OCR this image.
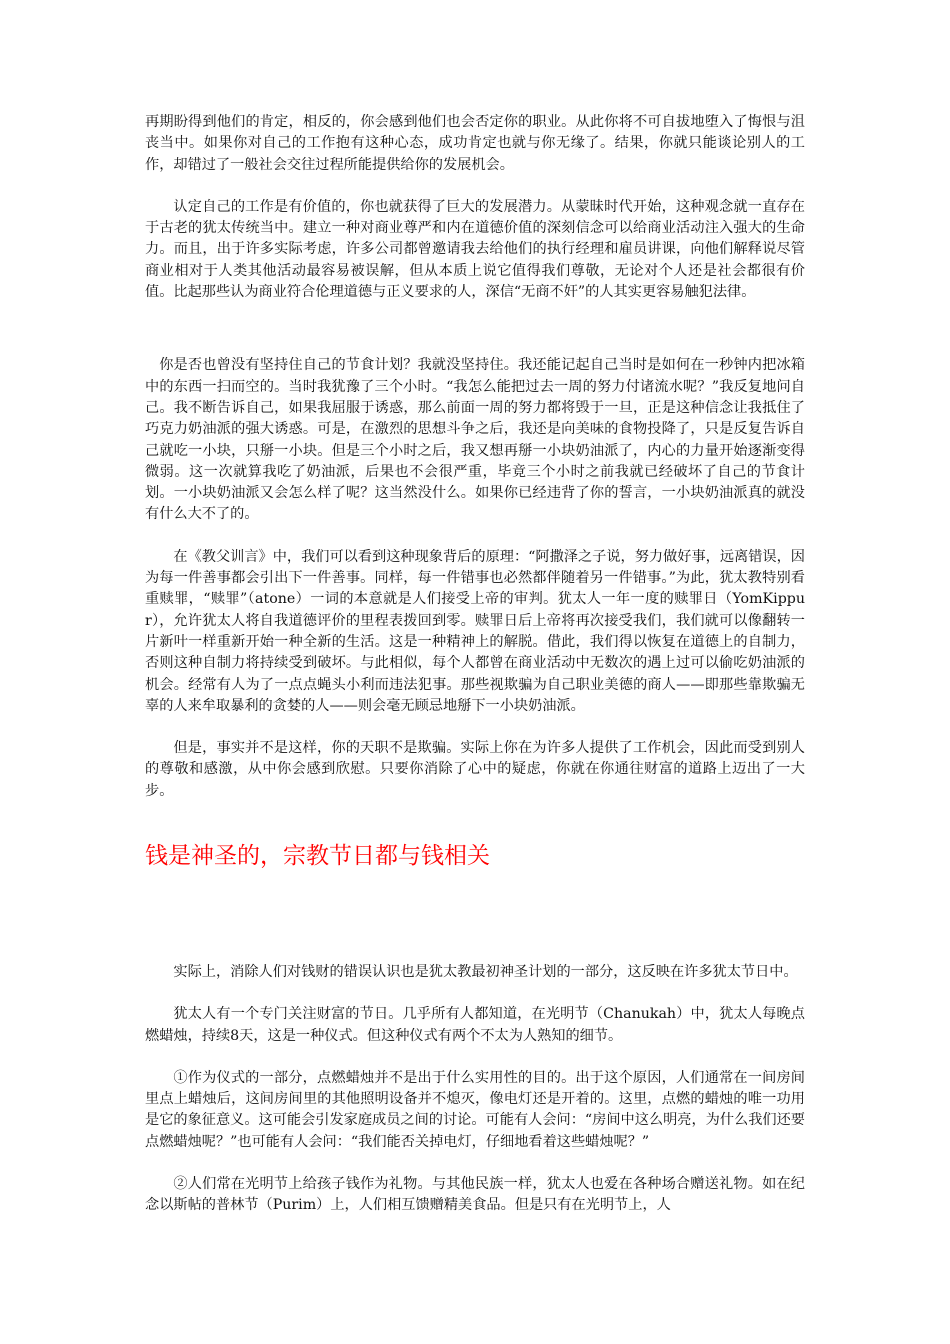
再期盼得到他们的肯定，相反的，你会感到他们也会否定你的职业。从此你将不可自拔地堕入了悔恨与沮丧当中。如果你对自己的工作抱有这种心态，成功肯定也就与你无缘了。结果，你就只能谈论别人的工作，却错过了一般社会交往过程所能提供给你的发展机会。

认定自己的工作是有价值的，你也就获得了巨大的发展潜力。从蒙昧时代开始，这种观念就一直存在于古老的犹太传统当中。建立一种对商业尊严和内在道德价值的深刻信念可以给商业活动注入强大的生命力。而且，出于许多实际考虑，许多公司都曾邀请我去给他们的执行经理和雇员讲课，向他们解释说尽管商业相对于人类其他活动最容易被误解，但从本质上说它值得我们尊敬，无论对个人还是社会都很有价值。比起那些认为商业符合伦理道德与正义要求的人，深信“无商不奸”的人其实更容易触犯法律。

你是否也曾没有坚持住自己的节食计划？我就没坚持住。我还能记起自己当时是如何在一秒钟内把冰箱中的东西一扫而空的。当时我犹豫了三个小时。“我怎么能把过去一周的努力付诸流水呢？”我反复地问自己。我不断告诉自己，如果我屈服于诱惑，那么前面一周的努力都将毁于一旦，正是这种信念让我抵住了巧克力奶油派的强大诱惑。可是，在激烈的思想斗争之后，我还是向美味的食物投降了，只是反复告诉自己就吃一小块，只掰一小块。但是三个小时之后，我又想再掰一小块奶油派了，内心的力量开始逐渐变得微弱。这一次就算我吃了奶油派，后果也不会很严重，毕竟三个小时之前我就已经破坏了自己的节食计划。一小块奶油派又会怎么样了呢？这当然没什么。如果你已经违背了你的誓言，一小块奶油派真的就没有什么大不了的。

在《教父训言》中，我们可以看到这种现象背后的原理：“阿撒泽之子说，努力做好事，远离错误，因为每一件善事都会引出下一件善事。同样，每一件错事也必然都伴随着另一件错事。”为此，犹太教特别看重赎罪，“赎罪”（atone）一词的本意就是人们接受上帝的审判。犹太人一年一度的赎罪日（YomKippur），允许犹太人将自我道德评价的里程表拨回到零。赎罪日后上帝将再次接受我们，我们就可以像翻转一片新叶一样重新开始一种全新的生活。这是一种精神上的解脱。借此，我们得以恢复在道德上的自制力，否则这种自制力将持续受到破坏。与此相似，每个人都曾在商业活动中无数次的遇上过可以偷吃奶油派的机会。经常有人为了一点点蝇头小利而违法犯事。那些视欺骗为自己职业美德的商人——即那些靠欺骗无辜的人来牟取暴利的贪婪的人——则会毫无顾忌地掰下一小块奶油派。

但是，事实并不是这样，你的天职不是欺骗。实际上你在为许多人提供了工作机会，因此而受到别人的尊敬和感激，从中你会感到欣慰。只要你消除了心中的疑虑，你就在你通往财富的道路上迈出了一大步。

钱是神圣的，宗教节日都与钱相关

实际上，消除人们对钱财的错误认识也是犹太教最初神圣计划的一部分，这反映在许多犹太节日中。

犹太人有一个专门关注财富的节日。几乎所有人都知道，在光明节（Chanukah）中，犹太人每晚点燃蜡烛，持续8天，这是一种仪式。但这种仪式有两个不太为人熟知的细节。

①作为仪式的一部分，点燃蜡烛并不是出于什么实用性的目的。出于这个原因，人们通常在一间房间里点上蜡烛后，这间房间里的其他照明设备并不熄灭，像电灯还是开着的。这里，点燃的蜡烛的唯一功用是它的象征意义。这可能会引发家庭成员之间的讨论。可能有人会问：“房间中这么明亮，为什么我们还要点燃蜡烛呢？”也可能有人会问：“我们能否关掉电灯，仔细地看着这些蜡烛呢？”

②人们常在光明节上给孩子钱作为礼物。与其他民族一样，犹太人也爱在各种场合赠送礼物。如在纪念以斯帖的普林节（Purim）上，人们相互馈赠精美食品。但是只有在光明节上，人
